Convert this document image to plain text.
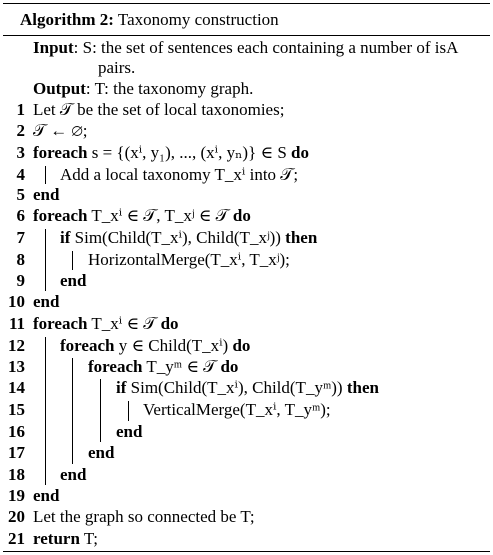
Algorithm 2: Taxonomy construction
Input: S: the set of sentences each containing a number of isA
pairs.
Output: T: the taxonomy graph.
1 Let 𝒯 be the set of local taxonomies;
2 𝒯 ← ∅;
3 foreach s = {(xⁱ, y₁), ..., (xⁱ, yₙ)} ∈ S do
4 Add a local taxonomy T_xⁱ into 𝒯;
5 end
6 foreach T_xⁱ ∈ 𝒯, T_xʲ ∈ 𝒯 do
7 if Sim(Child(T_xⁱ), Child(T_xʲ)) then
8	HorizontalMerge(T_xⁱ, T_xʲ);
9 end
10 end
11 foreach T_xⁱ ∈ 𝒯 do
12 foreach y ∈ Child(T_xⁱ) do
13	foreach T_yᵐ ∈ 𝒯 do
14	if Sim(Child(T_xⁱ), Child(T_yᵐ)) then
15	VerticalMerge(T_xⁱ, T_yᵐ);
16	end
17	end
18 end
19 end
20 Let the graph so connected be T;
21 return T;
